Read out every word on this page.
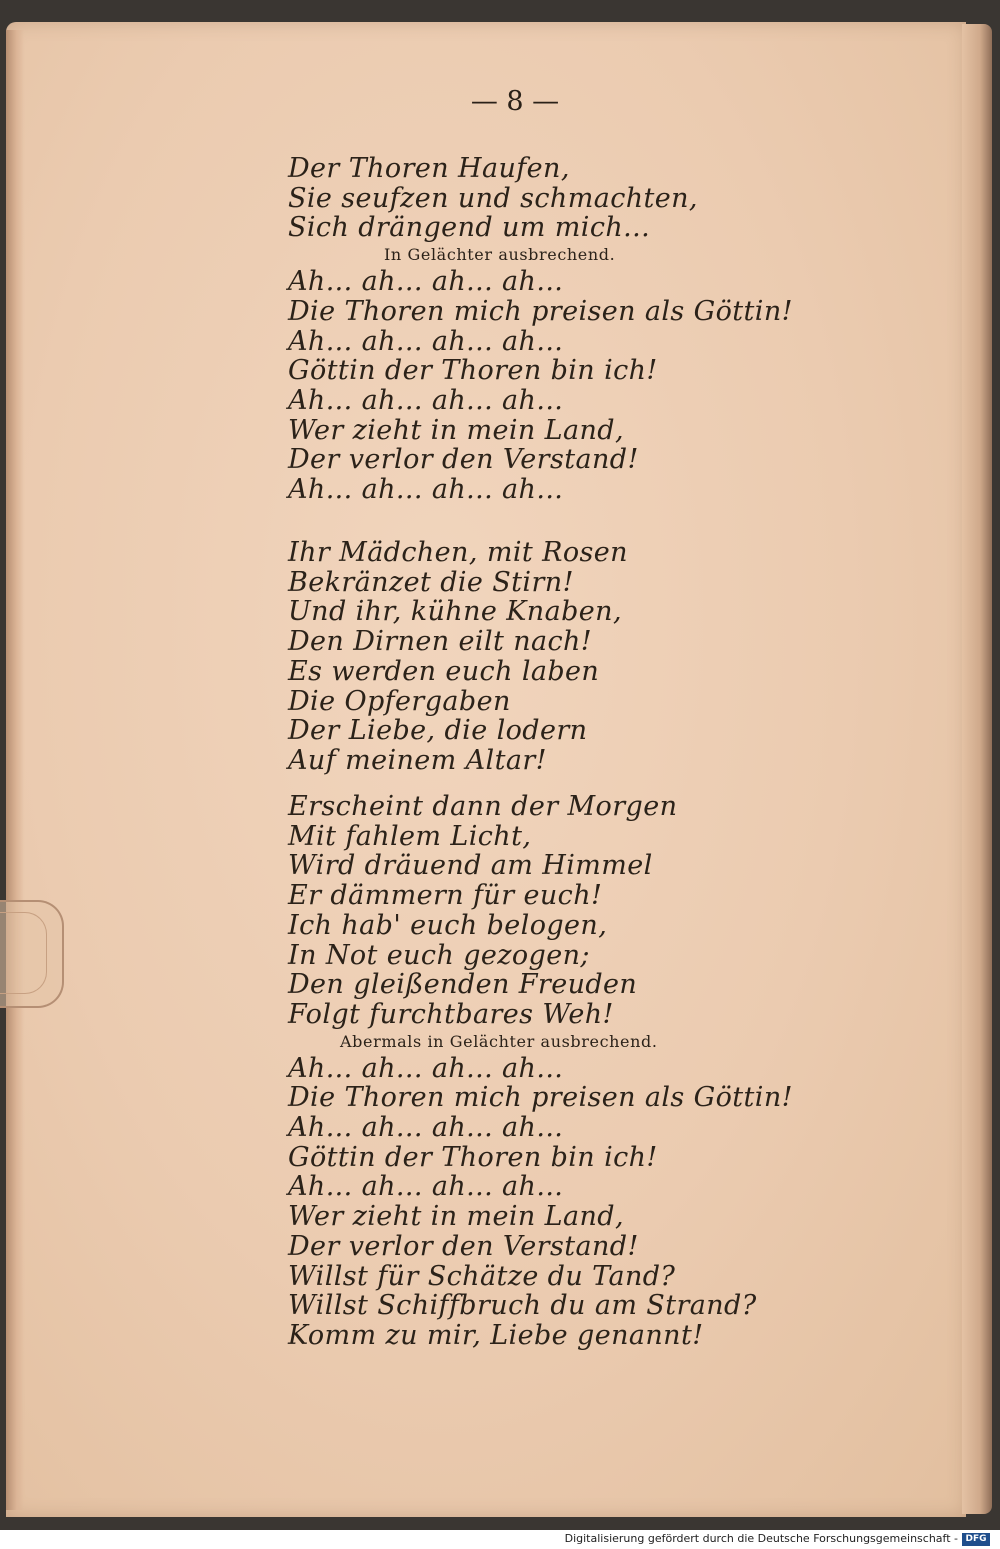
— 8 —
Der Thoren Haufen,
Sie seufzen und schmachten,
Sich drängend um mich...
In Gelächter ausbrechend.
Ah... ah... ah... ah...
Die Thoren mich preisen als Göttin!
Ah... ah... ah... ah...
Göttin der Thoren bin ich!
Ah... ah... ah... ah...
Wer zieht in mein Land,
Der verlor den Verstand!
Ah... ah... ah... ah...
Ihr Mädchen, mit Rosen
Bekränzet die Stirn!
Und ihr, kühne Knaben,
Den Dirnen eilt nach!
Es werden euch laben
Die Opfergaben
Der Liebe, die lodern
Auf meinem Altar!
Erscheint dann der Morgen
Mit fahlem Licht,
Wird dräuend am Himmel
Er dämmern für euch!
Ich hab' euch belogen,
In Not euch gezogen;
Den gleißenden Freuden
Folgt furchtbares Weh!
Abermals in Gelächter ausbrechend.
Ah... ah... ah... ah...
Die Thoren mich preisen als Göttin!
Ah... ah... ah... ah...
Göttin der Thoren bin ich!
Ah... ah... ah... ah...
Wer zieht in mein Land,
Der verlor den Verstand!
Willst für Schätze du Tand?
Willst Schiffbruch du am Strand?
Komm zu mir, Liebe genannt!
Digitalisierung gefördert durch die Deutsche Forschungsgemeinschaft - DFG
